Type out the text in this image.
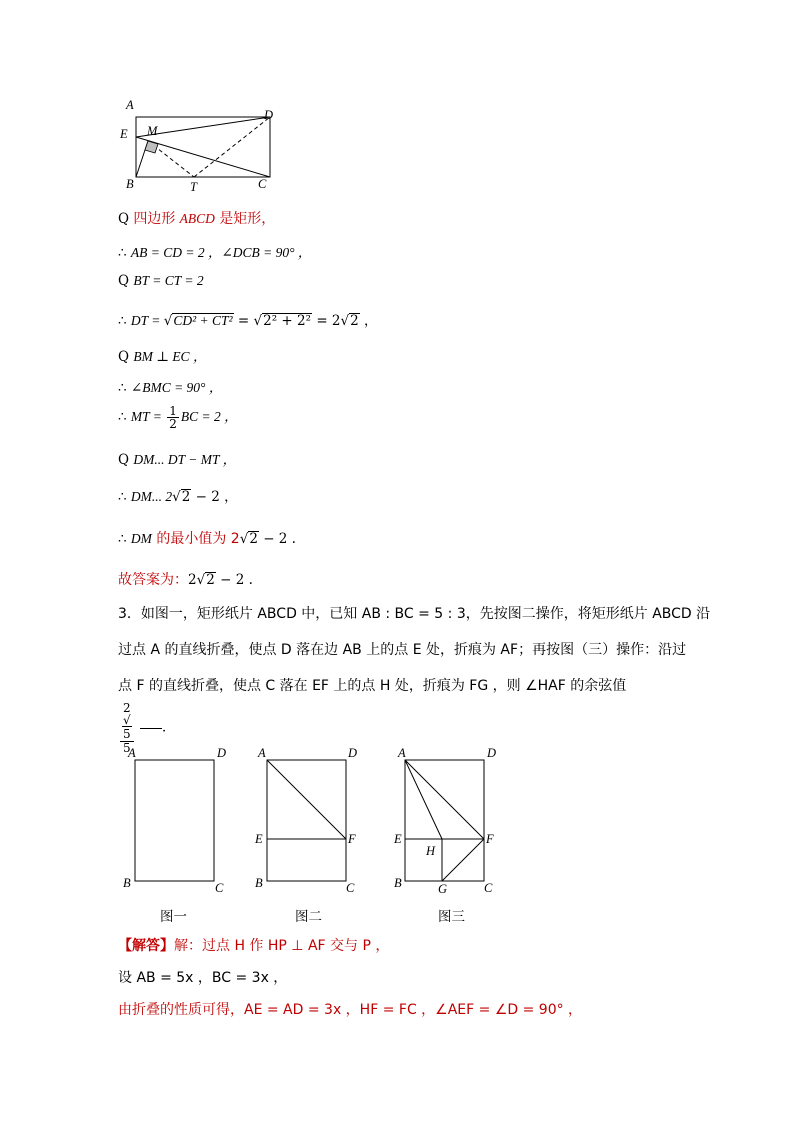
A
D
E M
B	T	C
Q 四边形 ABCD 是矩形，
∴ AB = CD = 2 ，∠DCB = 90° ，
Q BT = CT = 2
∴ DT = √CD² + CT² = √2² + 2² = 2√2 ，
Q BM ⊥ EC ，
∴ ∠BMC = 90° ，
∴ MT = $\frac{1}{2}$ BC = 2 ，
Q DM... DT − MT ，
∴ DM... 2√2 − 2 ，
∴ DM 的最小值为 2√2 − 2 .
故答案为：2√2 − 2 .
3．如图一，矩形纸片 ABCD 中，已知 AB : BC = 5 : 3，先按图二操作，将矩形纸片 ABCD 沿
过点 A 的直线折叠，使点 D 落在边 AB 上的点 E 处，折痕为 AF；再按图（三）操作：沿过
点 F 的直线折叠，使点 C 落在 EF 上的点 H 处，折痕为 FG ，则 ∠HAF 的余弦值
2
√
5
5 ．
A	D
B	C
图一
A	D
E	F
B	C
图二
A	D
E	F
H
B	G	C
图三
【解答】解：过点 H 作 HP ⊥ AF 交与 P ，
设 AB = 5x ，BC = 3x ，
由折叠的性质可得，AE = AD = 3x ，HF = FC ，∠AEF = ∠D = 90° ，
